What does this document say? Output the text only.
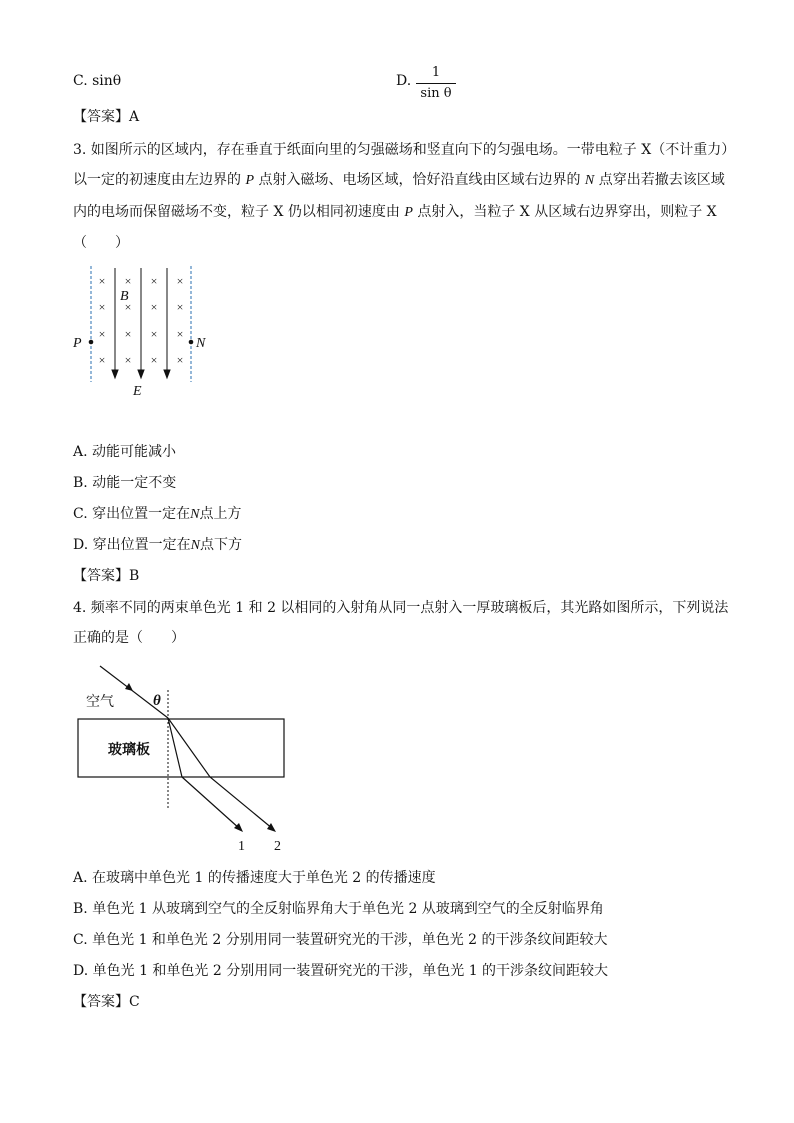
C. sinθ	D.
1
sin θ
【答案】A
3. 如图所示的区域内，存在垂直于纸面向里的匀强磁场和竖直向下的匀强电场。一带电粒子 X（不计重力）
以一定的初速度由左边界的 P 点射入磁场、电场区域，恰好沿直线由区域右边界的 N 点穿出若撤去该区域
内的电场而保留磁场不变，粒子 X 仍以相同初速度由 P 点射入，当粒子 X 从区域右边界穿出，则粒子 X
（　　）
× × × ×
× × × ×
× × × ×
× × × ×
P	N
B
E
A. 动能可能减小
B. 动能一定不变
C. 穿出位置一定在N点上方
D. 穿出位置一定在N点下方
【答案】B
4. 频率不同的两束单色光 1 和 2 以相同的入射角从同一点射入一厚玻璃板后，其光路如图所示，下列说法
正确的是（　　）
空气	θ
玻璃板
1 2
A. 在玻璃中单色光 1 的传播速度大于单色光 2 的传播速度
B. 单色光 1 从玻璃到空气的全反射临界角大于单色光 2 从玻璃到空气的全反射临界角
C. 单色光 1 和单色光 2 分别用同一装置研究光的干涉，单色光 2 的干涉条纹间距较大
D. 单色光 1 和单色光 2 分别用同一装置研究光的干涉，单色光 1 的干涉条纹间距较大
【答案】C
